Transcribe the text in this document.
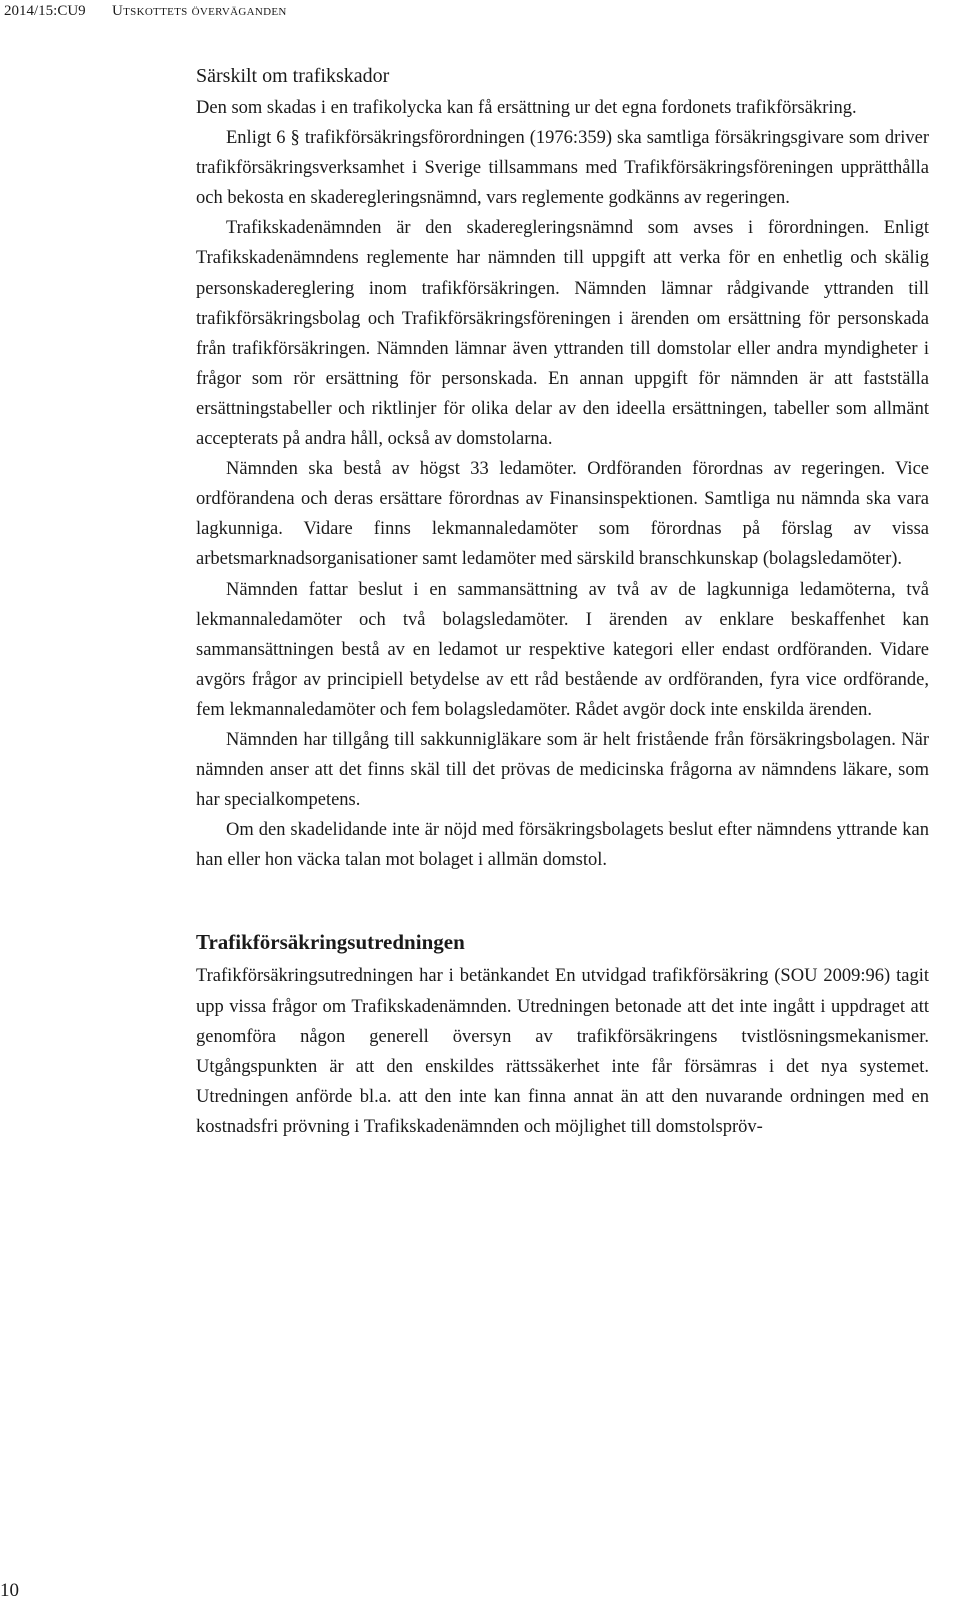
2014/15:CU9 Utskottets överväganden
Särskilt om trafikskador

Den som skadas i en trafikolycka kan få ersättning ur det egna fordonets trafikförsäkring.

Enligt 6 § trafikförsäkringsförordningen (1976:359) ska samtliga försäkringsgivare som driver trafikförsäkringsverksamhet i Sverige tillsammans med Trafikförsäkringsföreningen upprätthålla och bekosta en skaderegleringsnämnd, vars reglemente godkänns av regeringen.

Trafikskadenämnden är den skaderegleringsnämnd som avses i förordningen. Enligt Trafikskadenämndens reglemente har nämnden till uppgift att verka för en enhetlig och skälig personskadereglering inom trafikförsäkringen. Nämnden lämnar rådgivande yttranden till trafikförsäkringsbolag och Trafikförsäkringsföreningen i ärenden om ersättning för personskada från trafikförsäkringen. Nämnden lämnar även yttranden till domstolar eller andra myndigheter i frågor som rör ersättning för personskada. En annan uppgift för nämnden är att fastställa ersättningstabeller och riktlinjer för olika delar av den ideella ersättningen, tabeller som allmänt accepterats på andra håll, också av domstolarna.

Nämnden ska bestå av högst 33 ledamöter. Ordföranden förordnas av regeringen. Vice ordförandena och deras ersättare förordnas av Finansinspektionen. Samtliga nu nämnda ska vara lagkunniga. Vidare finns lekmannaledamöter som förordnas på förslag av vissa arbetsmarknadsorganisationer samt ledamöter med särskild branschkunskap (bolagsledamöter).

Nämnden fattar beslut i en sammansättning av två av de lagkunniga ledamöterna, två lekmannaledamöter och två bolagsledamöter. I ärenden av enklare beskaffenhet kan sammansättningen bestå av en ledamot ur respektive kategori eller endast ordföranden. Vidare avgörs frågor av principiell betydelse av ett råd bestående av ordföranden, fyra vice ordförande, fem lekmannaledamöter och fem bolagsledamöter. Rådet avgör dock inte enskilda ärenden.

Nämnden har tillgång till sakkunnigläkare som är helt fristående från försäkringsbolagen. När nämnden anser att det finns skäl till det prövas de medicinska frågorna av nämndens läkare, som har specialkompetens.

Om den skadelidande inte är nöjd med försäkringsbolagets beslut efter nämndens yttrande kan han eller hon väcka talan mot bolaget i allmän domstol.

Trafikförsäkringsutredningen

Trafikförsäkringsutredningen har i betänkandet En utvidgad trafikförsäkring (SOU 2009:96) tagit upp vissa frågor om Trafikskadenämnden. Utredningen betonade att det inte ingått i uppdraget att genomföra någon generell översyn av trafikförsäkringens tvistlösningsmekanismer. Utgångspunkten är att den enskildes rättssäkerhet inte får försämras i det nya systemet. Utredningen anförde bl.a. att den inte kan finna annat än att den nuvarande ordningen med en kostnadsfri prövning i Trafikskadenämnden och möjlighet till domstolspröv-

10
